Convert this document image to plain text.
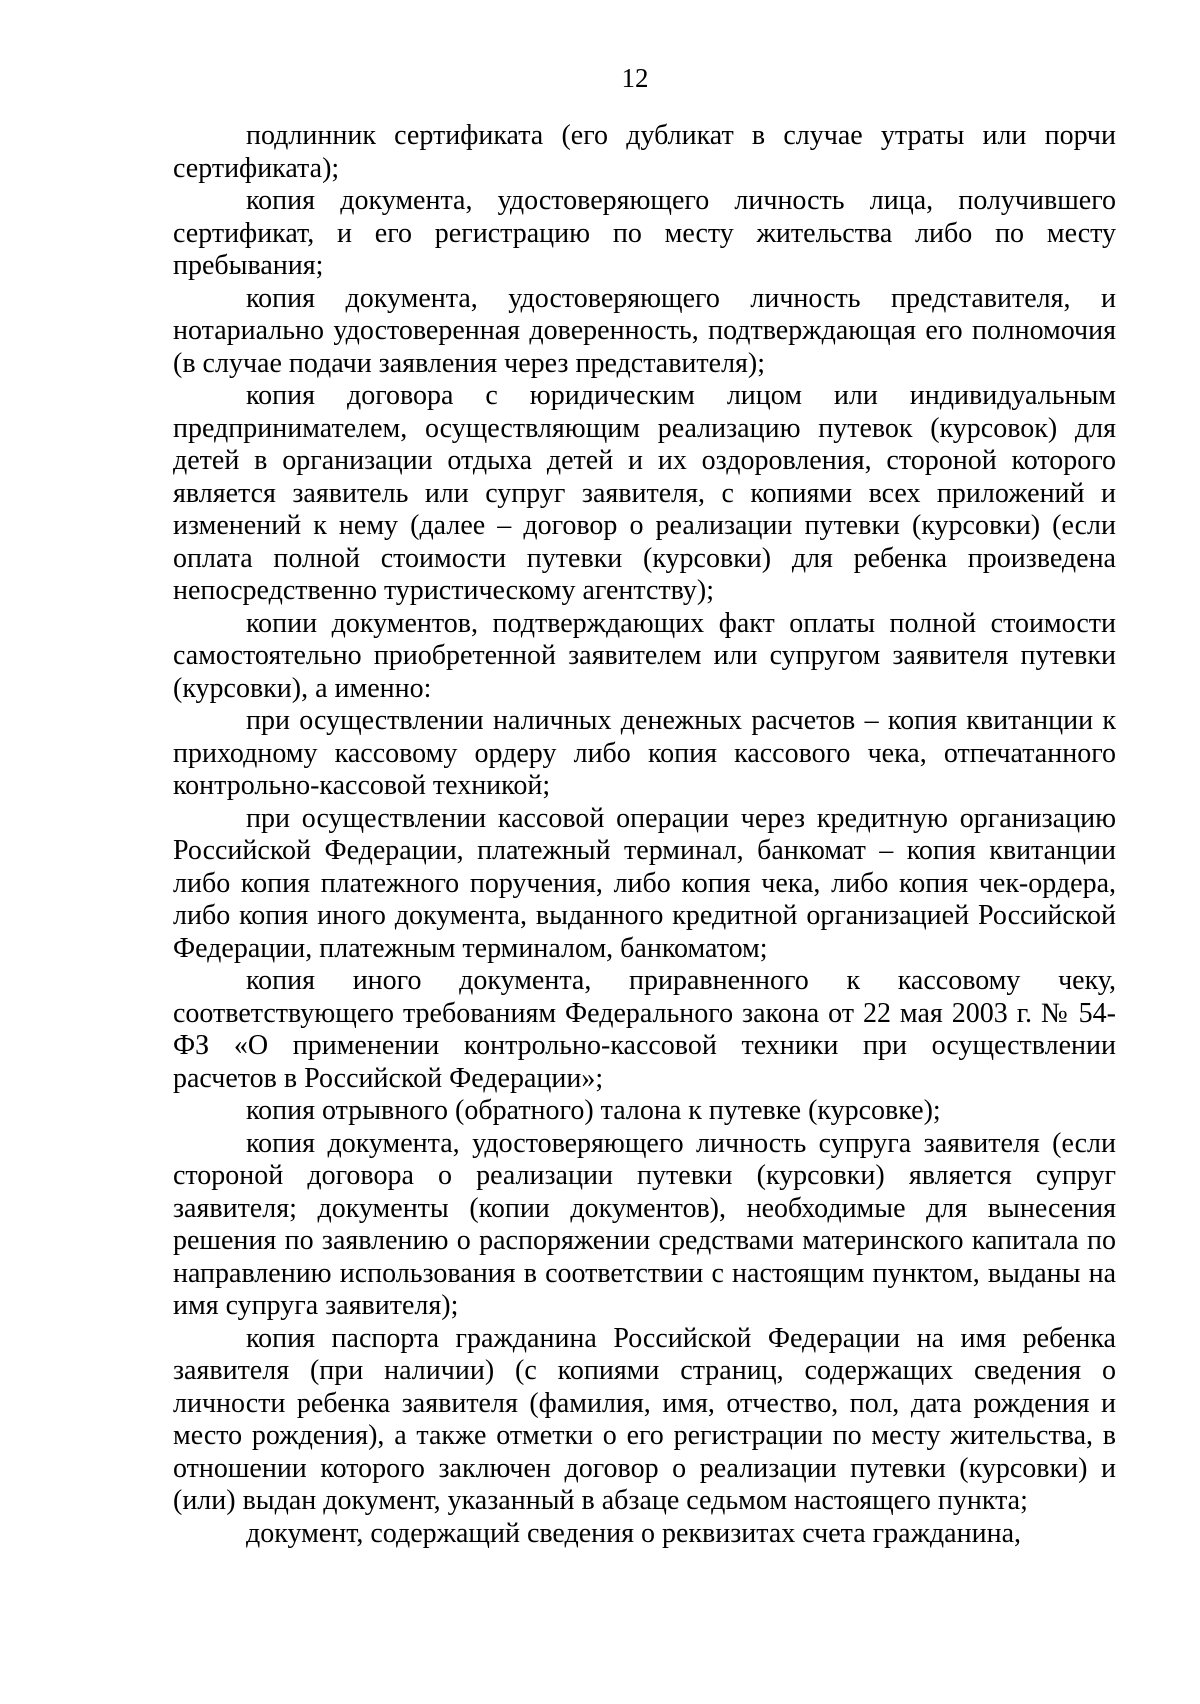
12

подлинник сертификата (его дубликат в случае утраты или порчи сертификата);

копия документа, удостоверяющего личность лица, получившего сертификат, и его регистрацию по месту жительства либо по месту пребывания;

копия документа, удостоверяющего личность представителя, и нотариально удостоверенная доверенность, подтверждающая его полномочия (в случае подачи заявления через представителя);

копия договора с юридическим лицом или индивидуальным предпринимателем, осуществляющим реализацию путевок (курсовок) для детей в организации отдыха детей и их оздоровления, стороной которого является заявитель или супруг заявителя, с копиями всех приложений и изменений к нему (далее – договор о реализации путевки (курсовки) (если оплата полной стоимости путевки (курсовки) для ребенка произведена непосредственно туристическому агентству);

копии документов, подтверждающих факт оплаты полной стоимости самостоятельно приобретенной заявителем или супругом заявителя путевки (курсовки), а именно:

при осуществлении наличных денежных расчетов – копия квитанции к приходному кассовому ордеру либо копия кассового чека, отпечатанного контрольно-кассовой техникой;

при осуществлении кассовой операции через кредитную организацию Российской Федерации, платежный терминал, банкомат – копия квитанции либо копия платежного поручения, либо копия чека, либо копия чек-ордера, либо копия иного документа, выданного кредитной организацией Российской Федерации, платежным терминалом, банкоматом;

копия иного документа, приравненного к кассовому чеку, соответствующего требованиям Федерального закона от 22 мая 2003 г. № 54-ФЗ «О применении контрольно-кассовой техники при осуществлении расчетов в Российской Федерации»;

копия отрывного (обратного) талона к путевке (курсовке);

копия документа, удостоверяющего личность супруга заявителя (если стороной договора о реализации путевки (курсовки) является супруг заявителя; документы (копии документов), необходимые для вынесения решения по заявлению о распоряжении средствами материнского капитала по направлению использования в соответствии с настоящим пунктом, выданы на имя супруга заявителя);

копия паспорта гражданина Российской Федерации на имя ребенка заявителя (при наличии) (с копиями страниц, содержащих сведения о личности ребенка заявителя (фамилия, имя, отчество, пол, дата рождения и место рождения), а также отметки о его регистрации по месту жительства, в отношении которого заключен договор о реализации путевки (курсовки) и (или) выдан документ, указанный в абзаце седьмом настоящего пункта;

документ, содержащий сведения о реквизитах счета гражданина,
